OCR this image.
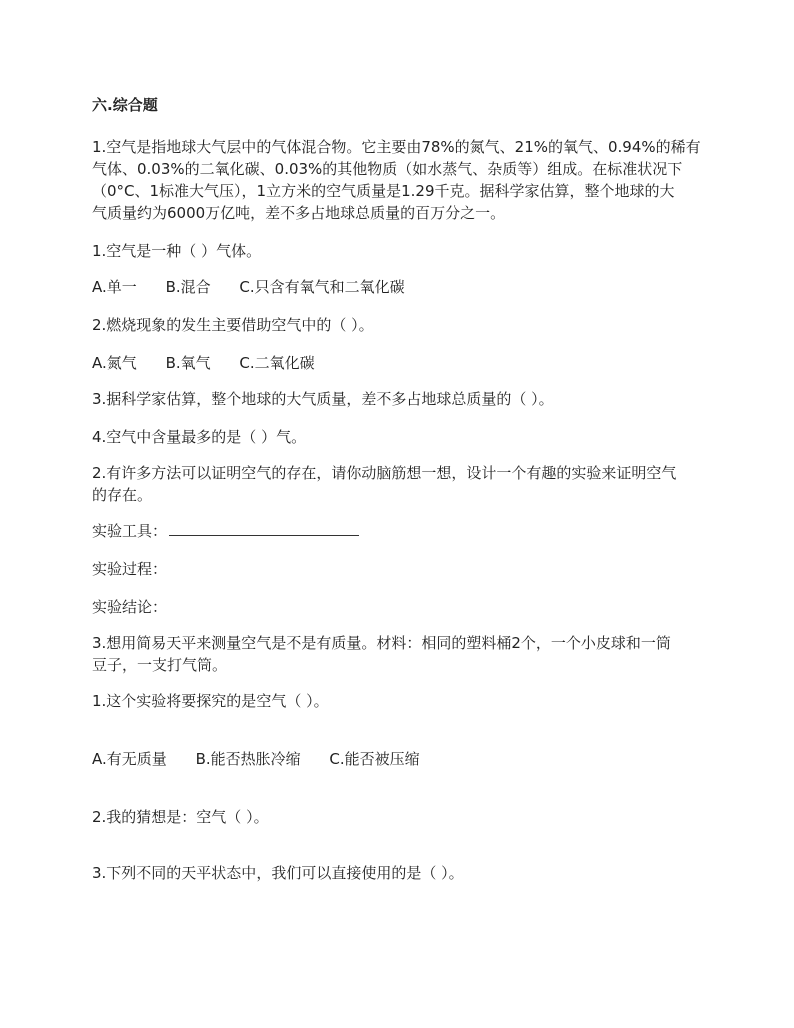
六.综合题
1.空气是指地球大气层中的气体混合物。它主要由78%的氮气、21%的氧气、0.94%的稀有
气体、0.03%的二氧化碳、0.03%的其他物质（如水蒸气、杂质等）组成。在标准状况下
（0°C、1标准大气压），1立方米的空气质量是1.29千克。据科学家估算，整个地球的大
气质量约为6000万亿吨，差不多占地球总质量的百万分之一。
1.空气是一种（ ）气体。
A.单一 B.混合 C.只含有氧气和二氧化碳
2.燃烧现象的发生主要借助空气中的（ ）。
A.氮气 B.氧气 C.二氧化碳
3.据科学家估算，整个地球的大气质量，差不多占地球总质量的（ ）。
4.空气中含量最多的是（ ）气。
2.有许多方法可以证明空气的存在，请你动脑筋想一想，设计一个有趣的实验来证明空气
的存在。
实验工具：
实验过程：
实验结论：
3.想用简易天平来测量空气是不是有质量。材料：相同的塑料桶2个，一个小皮球和一筒
豆子，一支打气筒。
1.这个实验将要探究的是空气（ ）。
A.有无质量 B.能否热胀冷缩 C.能否被压缩
2.我的猜想是：空气（ ）。
3.下列不同的天平状态中，我们可以直接使用的是（ ）。
